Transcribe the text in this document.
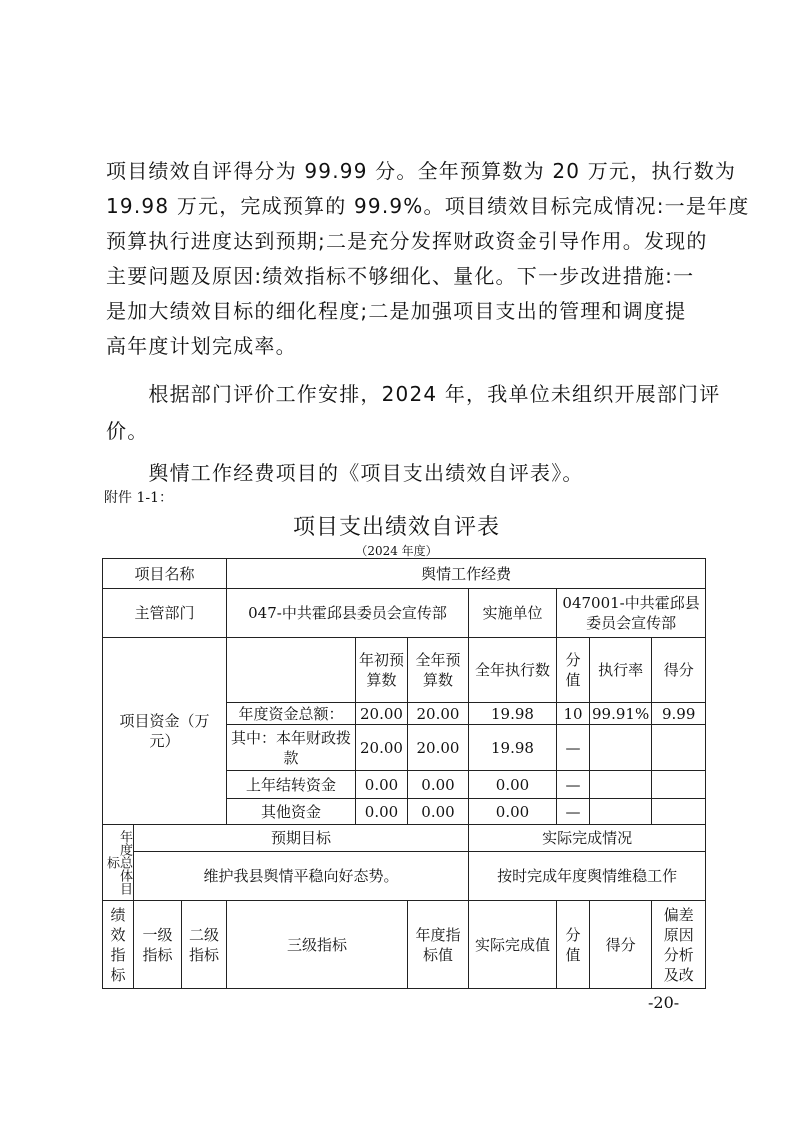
项目绩效自评得分为 99.99 分。全年预算数为 20 万元，执行数为
19.98 万元，完成预算的 99.9%。项目绩效目标完成情况:一是年度
预算执行进度达到预期;二是充分发挥财政资金引导作用。发现的
主要问题及原因:绩效指标不够细化、量化。下一步改进措施:一
是加大绩效目标的细化程度;二是加强项目支出的管理和调度提
高年度计划完成率。
　　根据部门评价工作安排，2024 年，我单位未组织开展部门评
价。
　　舆情工作经费项目的《项目支出绩效自评表》。
附件 1-1：
项目支出绩效自评表
（2024 年度）
项目名称			舆情工作经费						
主管部门			047-中共霍邱县委员会宣传部			实施单位	047001-中共霍邱县委员会宣传部		

项目资金（万元）				年初预算数	全年预算数	全年执行数	分值	执行率	得分
			年度资金总额：	20.00	20.00	19.98	10	99.91%	9.99
			其中：本年财政拨款	20.00	20.00	19.98	—		
			上年结转资金	0.00	0.00	0.00	—		
			其他资金	0.00	0.00	0.00	—		

年度总体目标	预期目标					实际完成情况			
	维护我县舆情平稳向好态势。					按时完成年度舆情维稳工作			

绩效指标	一级指标	二级指标	三级指标		年度指标值	实际完成值	分值	得分	偏差原因分析及改
-20-
